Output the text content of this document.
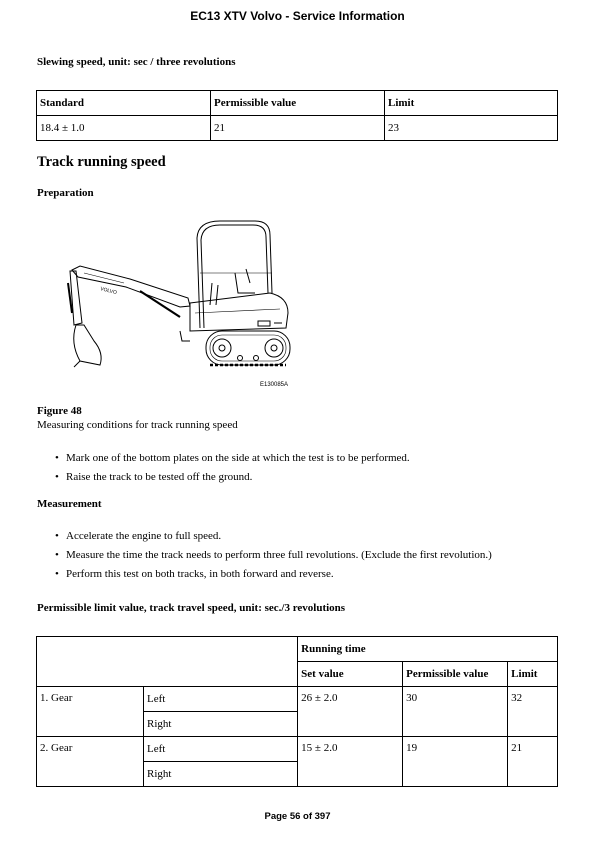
EC13 XTV Volvo - Service Information
Slewing speed, unit: sec / three revolutions
Standard	Permissible value	Limit
18.4 ± 1.0	21	23
Track running speed
Preparation
VOLVO
E130085A
Figure 48
Measuring conditions for track running speed
• Mark one of the bottom plates on the side at which the test is to be performed.
• Raise the track to be tested off the ground.
Measurement
• Accelerate the engine to full speed.
• Measure the time the track needs to perform three full revolutions. (Exclude the first revolution.)
• Perform this test on both tracks, in both forward and reverse.
Permissible limit value, track travel speed, unit: sec./3 revolutions
		Running time		
		Set value	Permissible value	Limit
1. Gear	Left	26 ± 2.0	30	32
	Right			
2. Gear	Left	15 ± 2.0	19	21
	Right			
Page 56 of 397
